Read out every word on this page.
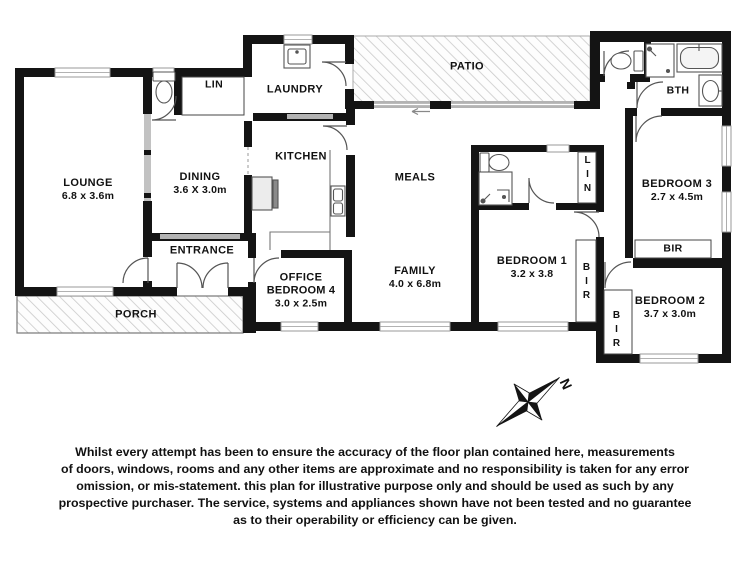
LOUNGE
6.8 x 3.6m
DINING
3.6 X 3.0m
LIN	LAUNDRY
KITCHEN
PATIO
MEALS
ENTRANCE
OFFICE
BEDROOM 4
3.0 x 2.5m
FAMILY
4.0 x 6.8m
BEDROOM 1
3.2 x 3.8
BEDROOM 2
3.7 x 3.0m
BEDROOM 3
2.7 x 4.5m
BTH
BIR
PORCH
LIN
BIR
BIR
N
Whilst every attempt has been to ensure the accuracy of the floor plan contained here, measurements
of doors, windows, rooms and any other items are approximate and no responsibility is taken for any error
omission, or mis-statement. this plan for illustrative purpose only and should be used as such by any
prospective purchaser. The service, systems and appliances shown have not been tested and no guarantee
as to their operability or efficiency can be given.
